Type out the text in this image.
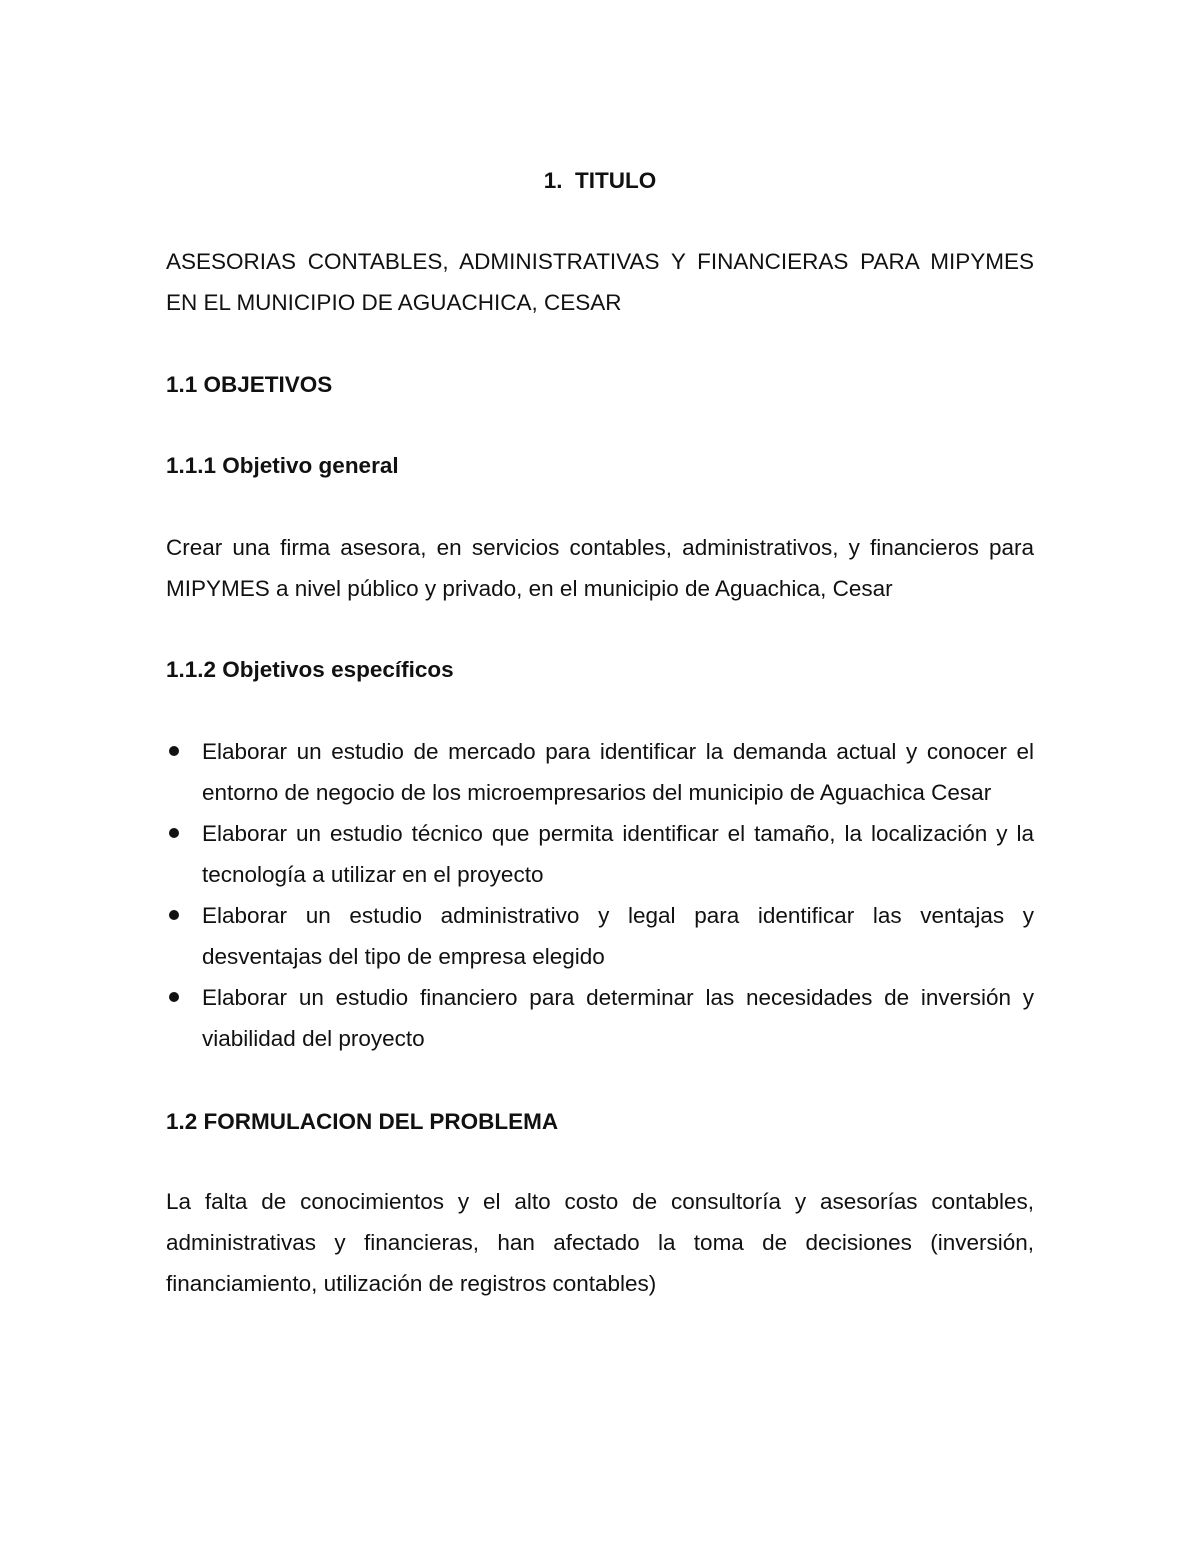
1. TITULO

ASESORIAS CONTABLES, ADMINISTRATIVAS Y FINANCIERAS PARA MIPYMES EN EL MUNICIPIO DE AGUACHICA, CESAR

1.1 OBJETIVOS
1.1.1 Objetivo general

Crear una firma asesora, en servicios contables, administrativos, y financieros para MIPYMES a nivel público y privado, en el municipio de Aguachica, Cesar

1.1.2 Objetivos específicos
Elaborar un estudio de mercado para identificar la demanda actual y conocer el entorno de negocio de los microempresarios del municipio de Aguachica Cesar
Elaborar un estudio técnico que permita identificar el tamaño, la localización y la tecnología a utilizar en el proyecto
Elaborar un estudio administrativo y legal para identificar las ventajas y desventajas del tipo de empresa elegido
Elaborar un estudio financiero para determinar las necesidades de inversión y viabilidad del proyecto
1.2 FORMULACION DEL PROBLEMA

La falta de conocimientos y el alto costo de consultoría y asesorías contables, administrativas y financieras, han afectado la toma de decisiones (inversión, financiamiento, utilización de registros contables)
